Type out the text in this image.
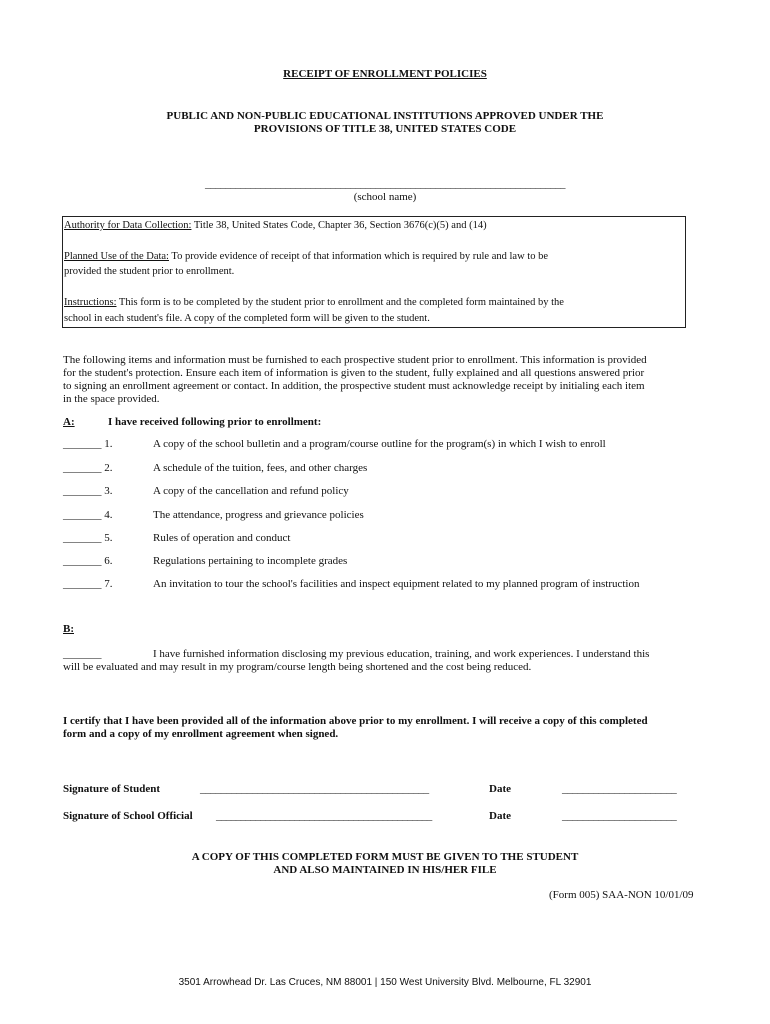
RECEIPT OF ENROLLMENT POLICIES
PUBLIC AND NON-PUBLIC EDUCATIONAL INSTITUTIONS APPROVED UNDER THE
PROVISIONS OF TITLE 38, UNITED STATES CODE
________________________________________________________________________
(school name)
Authority for Data Collection: Title 38, United States Code, Chapter 36, Section 3676(c)(5) and (14)
Planned Use of the Data: To provide evidence of receipt of that information which is required by rule and law to be
provided the student prior to enrollment.
Instructions: This form is to be completed by the student prior to enrollment and the completed form maintained by the
school in each student's file. A copy of the completed form will be given to the student.
The following items and information must be furnished to each prospective student prior to enrollment. This information is provided
for the student's protection. Ensure each item of information is given to the student, fully explained and all questions answered prior
to signing an enrollment agreement or contact. In addition, the prospective student must acknowledge receipt by initialing each item
in the space provided.
A:	I have received following prior to enrollment:
_______ 1.	A copy of the school bulletin and a program/course outline for the program(s) in which I wish to enroll
_______ 2.	A schedule of the tuition, fees, and other charges
_______ 3.	A copy of the cancellation and refund policy
_______ 4.	The attendance, progress and grievance policies
_______ 5.	Rules of operation and conduct
_______ 6.	Regulations pertaining to incomplete grades
_______ 7.	An invitation to tour the school's facilities and inspect equipment related to my planned program of instruction
B:
_______	I have furnished information disclosing my previous education, training, and work experiences. I understand this
will be evaluated and may result in my program/course length being shortened and the cost being reduced.
I certify that I have been provided all of the information above prior to my enrollment. I will receive a copy of this completed
form and a copy of my enrollment agreement when signed.
Signature of Student	____________________________________________	Date	______________________
Signature of School Official ____________________________________________	Date	______________________
A COPY OF THIS COMPLETED FORM MUST BE GIVEN TO THE STUDENT
AND ALSO MAINTAINED IN HIS/HER FILE
(Form 005) SAA-NON 10/01/09
3501 Arrowhead Dr. Las Cruces, NM 88001 | 150 West University Blvd. Melbourne, FL 32901
